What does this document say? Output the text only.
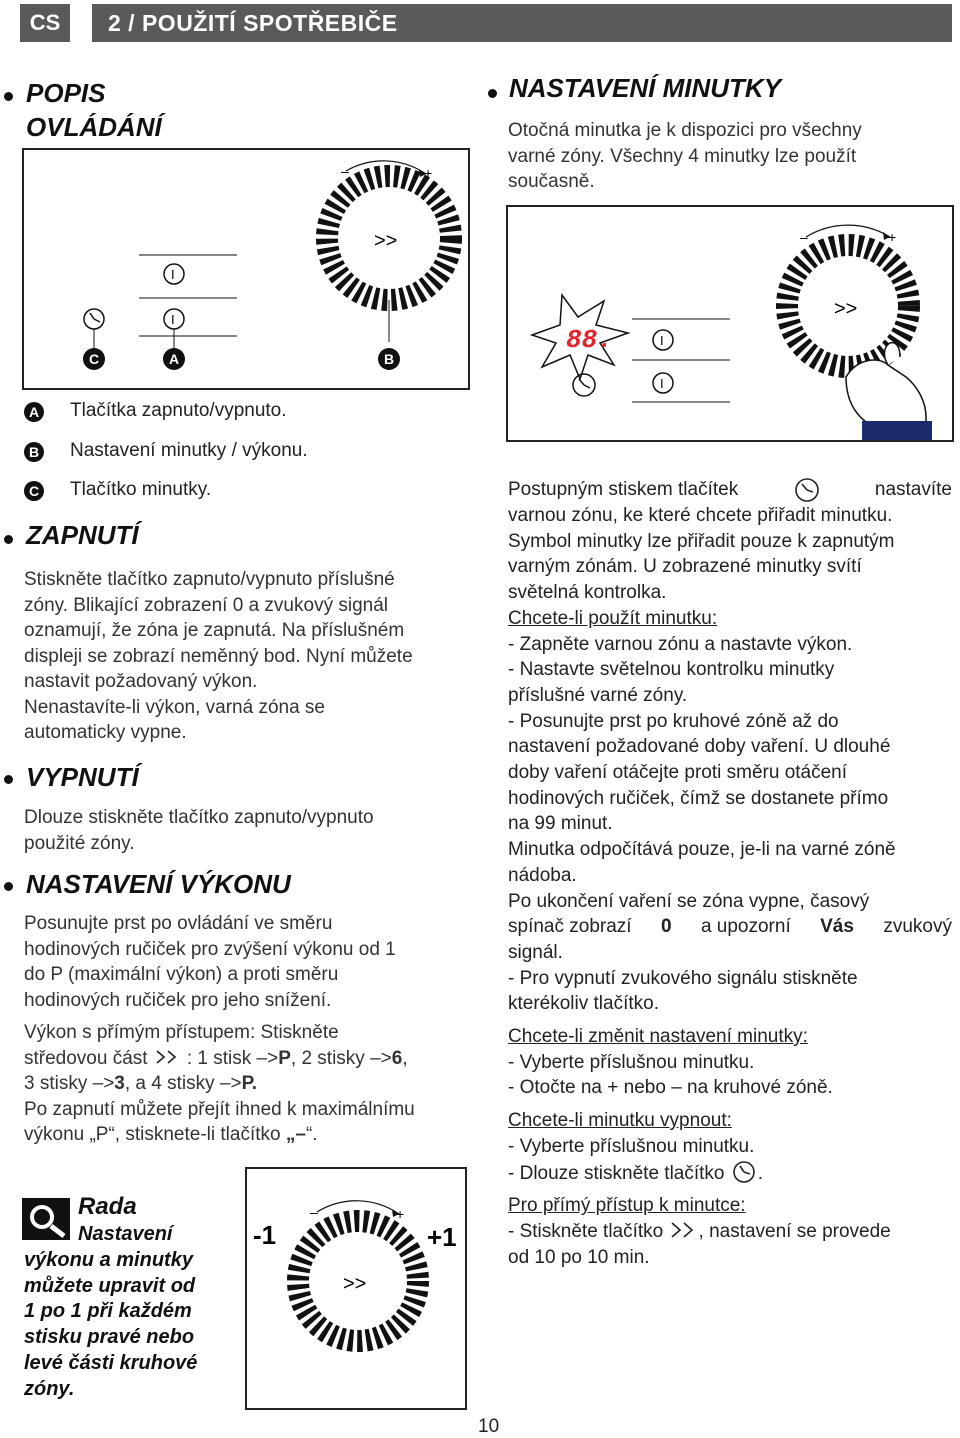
CS	2 / POUŽITÍ SPOTŘEBIČE
POPIS
OVLÁDÁNÍ
–	+
>>
I
I
C	A	B
A Tlačítka zapnuto/vypnuto.
B Nastavení minutky / výkonu.
C Tlačítko minutky.
ZAPNUTÍ
Stiskněte tlačítko zapnuto/vypnuto příslušné
zóny. Blikající zobrazení 0 a zvukový signál
oznamují, že zóna je zapnutá. Na příslušném
displeji se zobrazí neměnný bod. Nyní můžete
nastavit požadovaný výkon.
Nenastavíte-li výkon, varná zóna se
automaticky vypne.
VYPNUTÍ
Dlouze stiskněte tlačítko zapnuto/vypnuto
použité zóny.
NASTAVENÍ VÝKONU
Posunujte prst po ovládání ve směru
hodinových ručiček pro zvýšení výkonu od 1
do P (maximální výkon) a proti směru
hodinových ručiček pro jeho snížení.
Výkon s přímým přístupem: Stiskněte
středovou část : 1 stisk –>P, 2 stisky –>6,
3 stisky –>3, a 4 stisky –>P.
Po zapnutí můžete přejít ihned k maximálnímu
výkonu „P“, stisknete-li tlačítko „–“.
Rada
Nastavení
výkonu a minutky
můžete upravit od
1 po 1 při každém
stisku pravé nebo
levé části kruhové
zóny.
–	+
>>
-1	+1
NASTAVENÍ MINUTKY
Otočná minutka je k dispozici pro všechny
varné zóny. Všechny 4 minutky lze použít
současně.
–	+
>>
88.	I
I
Postupným stiskem tlačítek	nastavíte
varnou zónu, ke které chcete přiřadit minutku.
Symbol minutky lze přiřadit pouze k zapnutým
varným zónám. U zobrazené minutky svítí
světelná kontrolka.
Chcete-li použít minutku:
- Zapněte varnou zónu a nastavte výkon.
- Nastavte světelnou kontrolku minutky
příslušné varné zóny.
- Posunujte prst po kruhové zóně až do
nastavení požadované doby vaření. U dlouhé
doby vaření otáčejte proti směru otáčení
hodinových ručiček, čímž se dostanete přímo
na 99 minut.
Minutka odpočítává pouze, je-li na varné zóně
nádoba.
Po ukončení vaření se zóna vypne, časový
spínač zobrazí 0 a upozorní Vás zvukový
signál.
- Pro vypnutí zvukového signálu stiskněte
kterékoliv tlačítko.
Chcete-li změnit nastavení minutky:
- Vyberte příslušnou minutku.
- Otočte na + nebo – na kruhové zóně.
Chcete-li minutku vypnout:
- Vyberte příslušnou minutku.
- Dlouze stiskněte tlačítko .
Pro přímý přístup k minutce:
- Stiskněte tlačítko , nastavení se provede
od 10 po 10 min.
10
